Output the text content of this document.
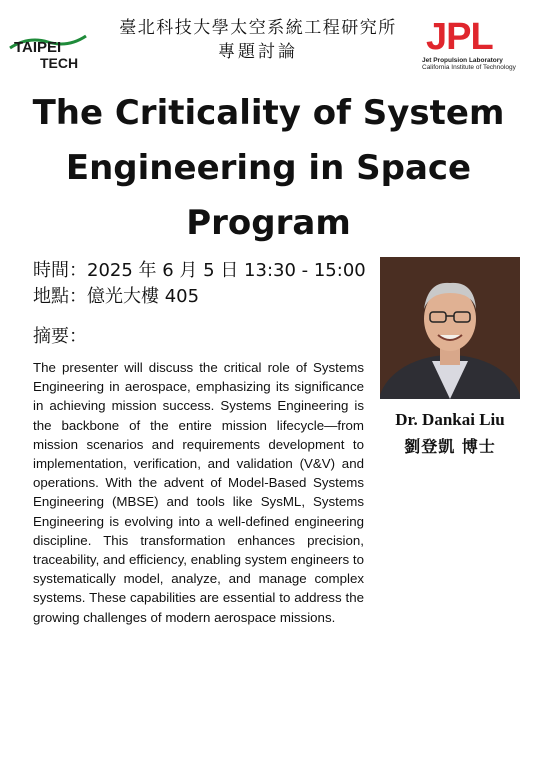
TAIPEI
TECH
臺北科技大學太空系統工程研究所
專題討論	JPL
Jet Propulsion Laboratory
California Institute of Technology
The Criticality of System Engineering in Space Program
時間：2025 年 6 月 5 日 13:30 - 15:00
地點：億光大樓 405
摘要：
The presenter will discuss the critical role of Systems Engineering in aerospace, emphasizing its significance in achieving mission success. Systems Engineering is the backbone of the entire mission lifecycle—from mission scenarios and requirements development to implementation, verification, and validation (V&V) and operations. With the advent of Model-Based Systems Engineering (MBSE) and tools like SysML, Systems Engineering is evolving into a well-defined engineering discipline. This transformation enhances precision, traceability, and efficiency, enabling system engineers to systematically model, analyze, and manage complex systems. These capabilities are essential to address the growing challenges of modern aerospace missions.
Dr. Dankai Liu
劉登凱 博士
